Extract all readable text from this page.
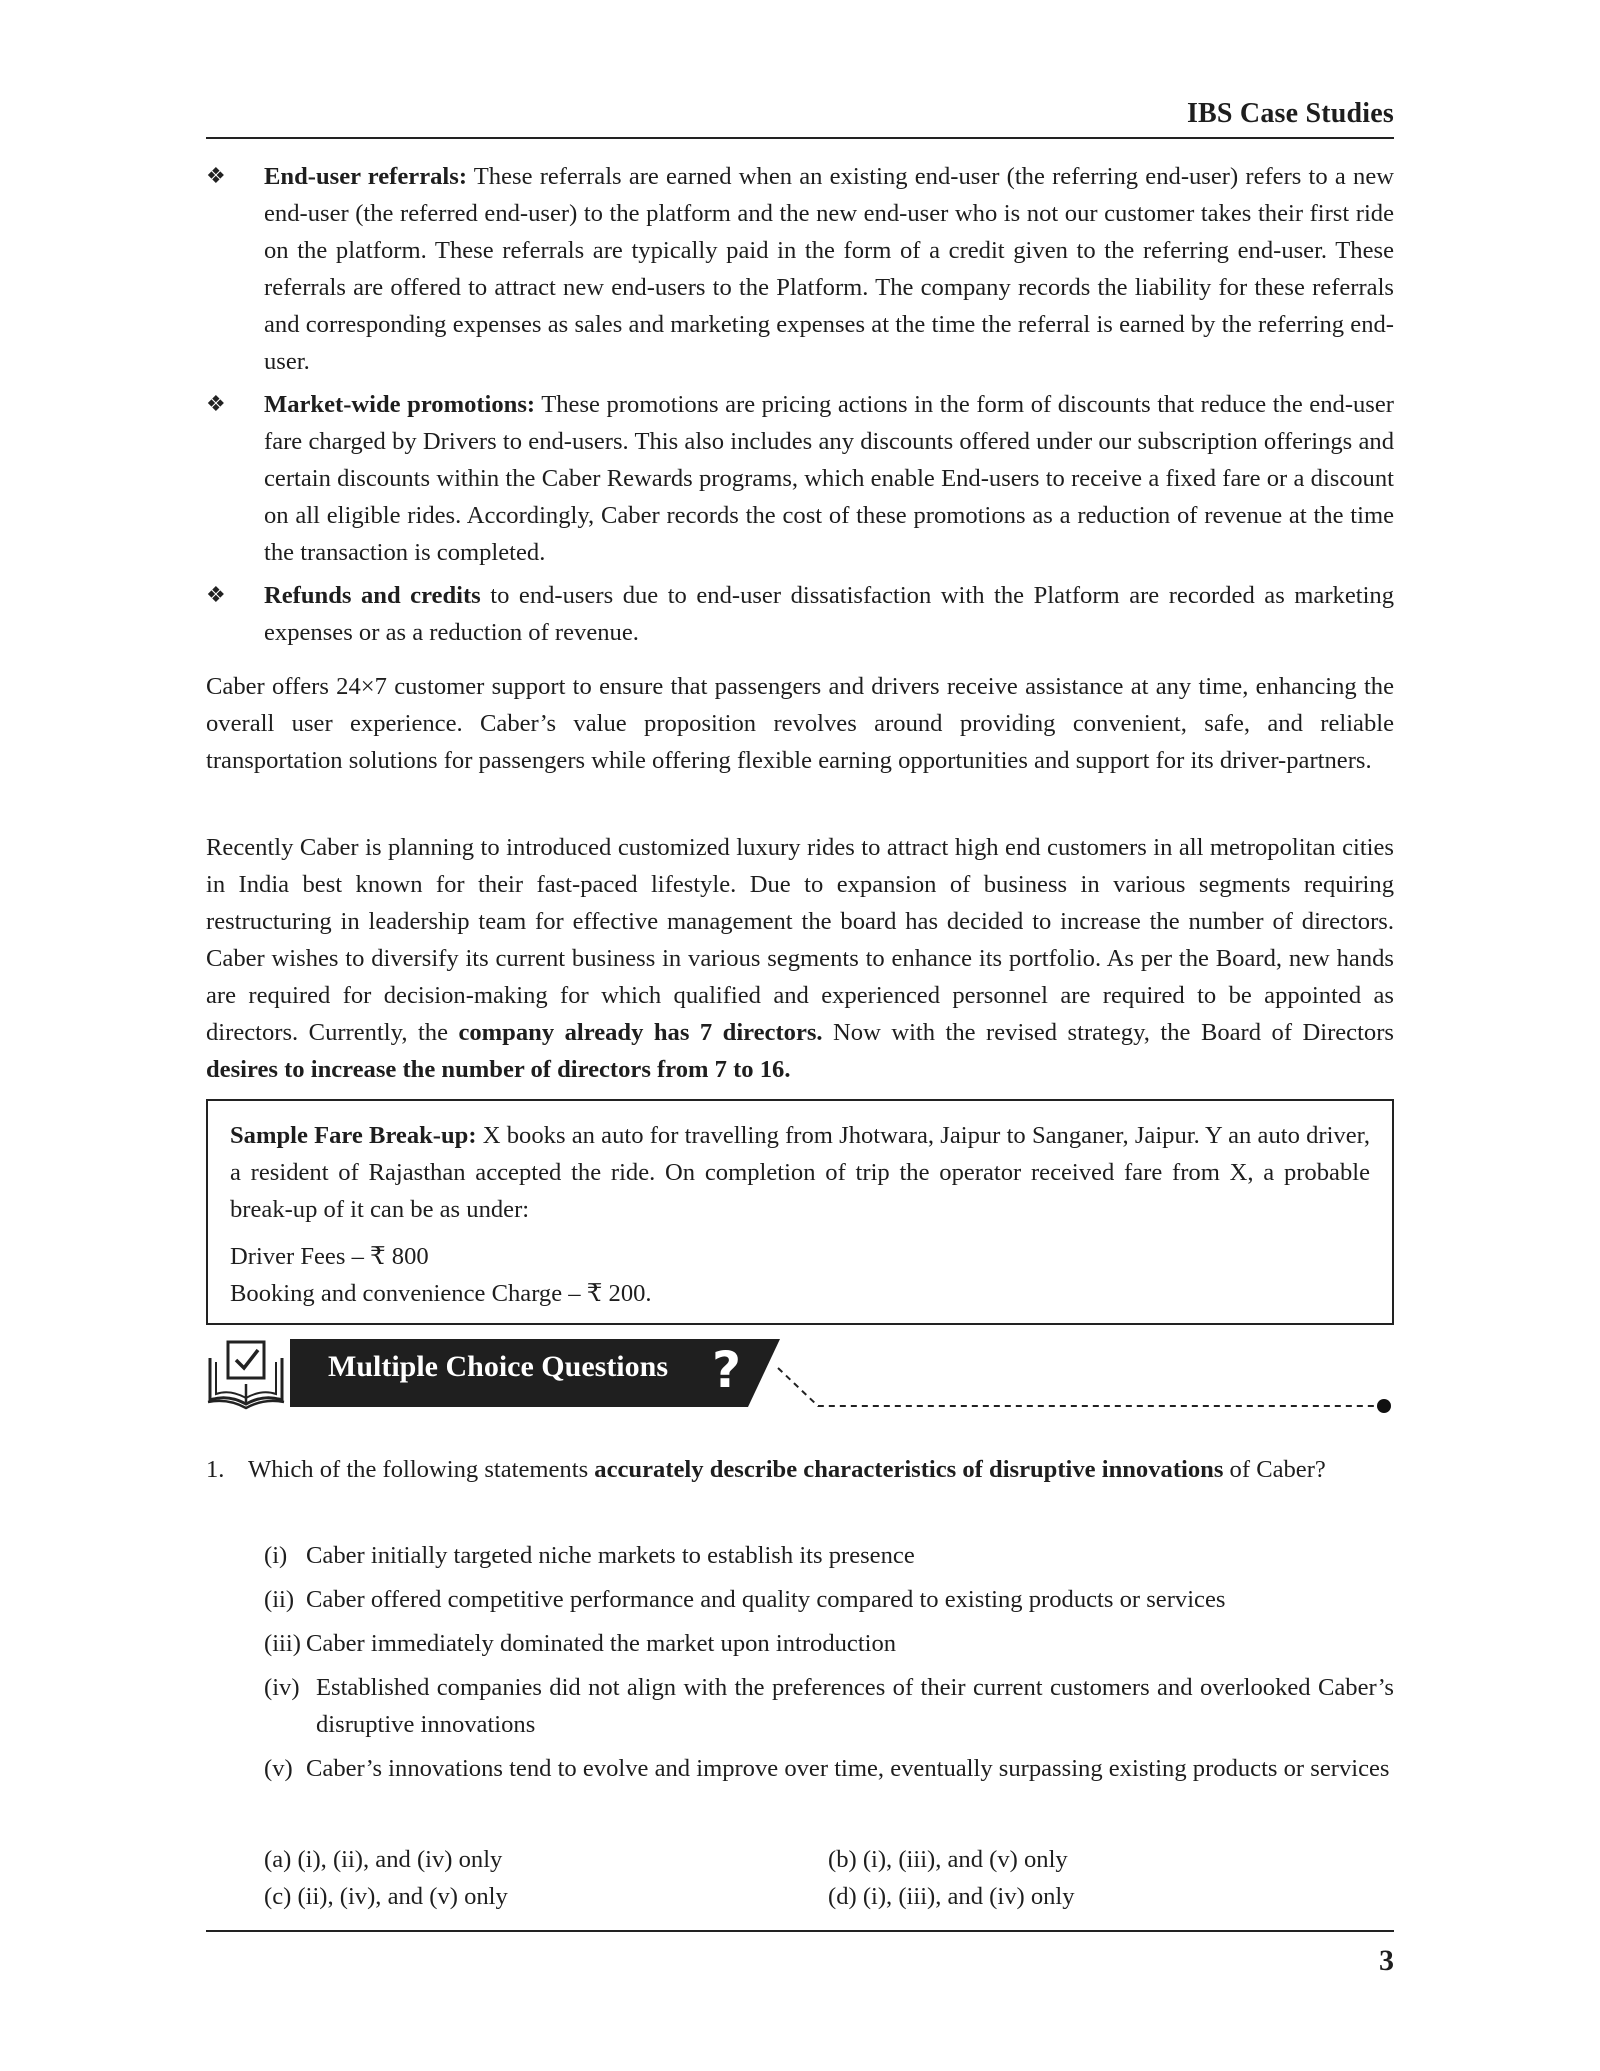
IBS Case Studies
❖ End-user referrals: These referrals are earned when an existing end-user (the referring end-user) refers to a new end-user (the referred end-user) to the platform and the new end-user who is not our customer takes their first ride on the platform. These referrals are typically paid in the form of a credit given to the referring end-user. These referrals are offered to attract new end-users to the Platform. The company records the liability for these referrals and corresponding expenses as sales and marketing expenses at the time the referral is earned by the referring end-user.
❖ Market-wide promotions: These promotions are pricing actions in the form of discounts that reduce the end-user fare charged by Drivers to end-users. This also includes any discounts offered under our subscription offerings and certain discounts within the Caber Rewards programs, which enable End-users to receive a fixed fare or a discount on all eligible rides. Accordingly, Caber records the cost of these promotions as a reduction of revenue at the time the transaction is completed.
❖ Refunds and credits to end-users due to end-user dissatisfaction with the Platform are recorded as marketing expenses or as a reduction of revenue.

Caber offers 24×7 customer support to ensure that passengers and drivers receive assistance at any time, enhancing the overall user experience. Caber’s value proposition revolves around providing convenient, safe, and reliable transportation solutions for passengers while offering flexible earning opportunities and support for its driver-partners.

Recently Caber is planning to introduced customized luxury rides to attract high end customers in all metropolitan cities in India best known for their fast-paced lifestyle. Due to expansion of business in various segments requiring restructuring in leadership team for effective management the board has decided to increase the number of directors. Caber wishes to diversify its current business in various segments to enhance its portfolio. As per the Board, new hands are required for decision-making for which qualified and experienced personnel are required to be appointed as directors. Currently, the company already has 7 directors. Now with the revised strategy, the Board of Directors desires to increase the number of directors from 7 to 16.

Sample Fare Break-up: X books an auto for travelling from Jhotwara, Jaipur to Sanganer, Jaipur. Y an auto driver, a resident of Rajasthan accepted the ride. On completion of trip the operator received fare from X, a probable break-up of it can be as under:

Driver Fees – ₹ 800
Booking and convenience Charge – ₹ 200.
Multiple Choice Questions ?
1. Which of the following statements accurately describe characteristics of disruptive innovations of Caber?
(i) Caber initially targeted niche markets to establish its presence
(ii) Caber offered competitive performance and quality compared to existing products or services
(iii) Caber immediately dominated the market upon introduction
(iv) Established companies did not align with the preferences of their current customers and overlooked Caber’s disruptive innovations
(v) Caber’s innovations tend to evolve and improve over time, eventually surpassing existing products or services
(a) (i), (ii), and (iv) only	(b) (i), (iii), and (v) only
(c) (ii), (iv), and (v) only	(d) (i), (iii), and (iv) only
3
